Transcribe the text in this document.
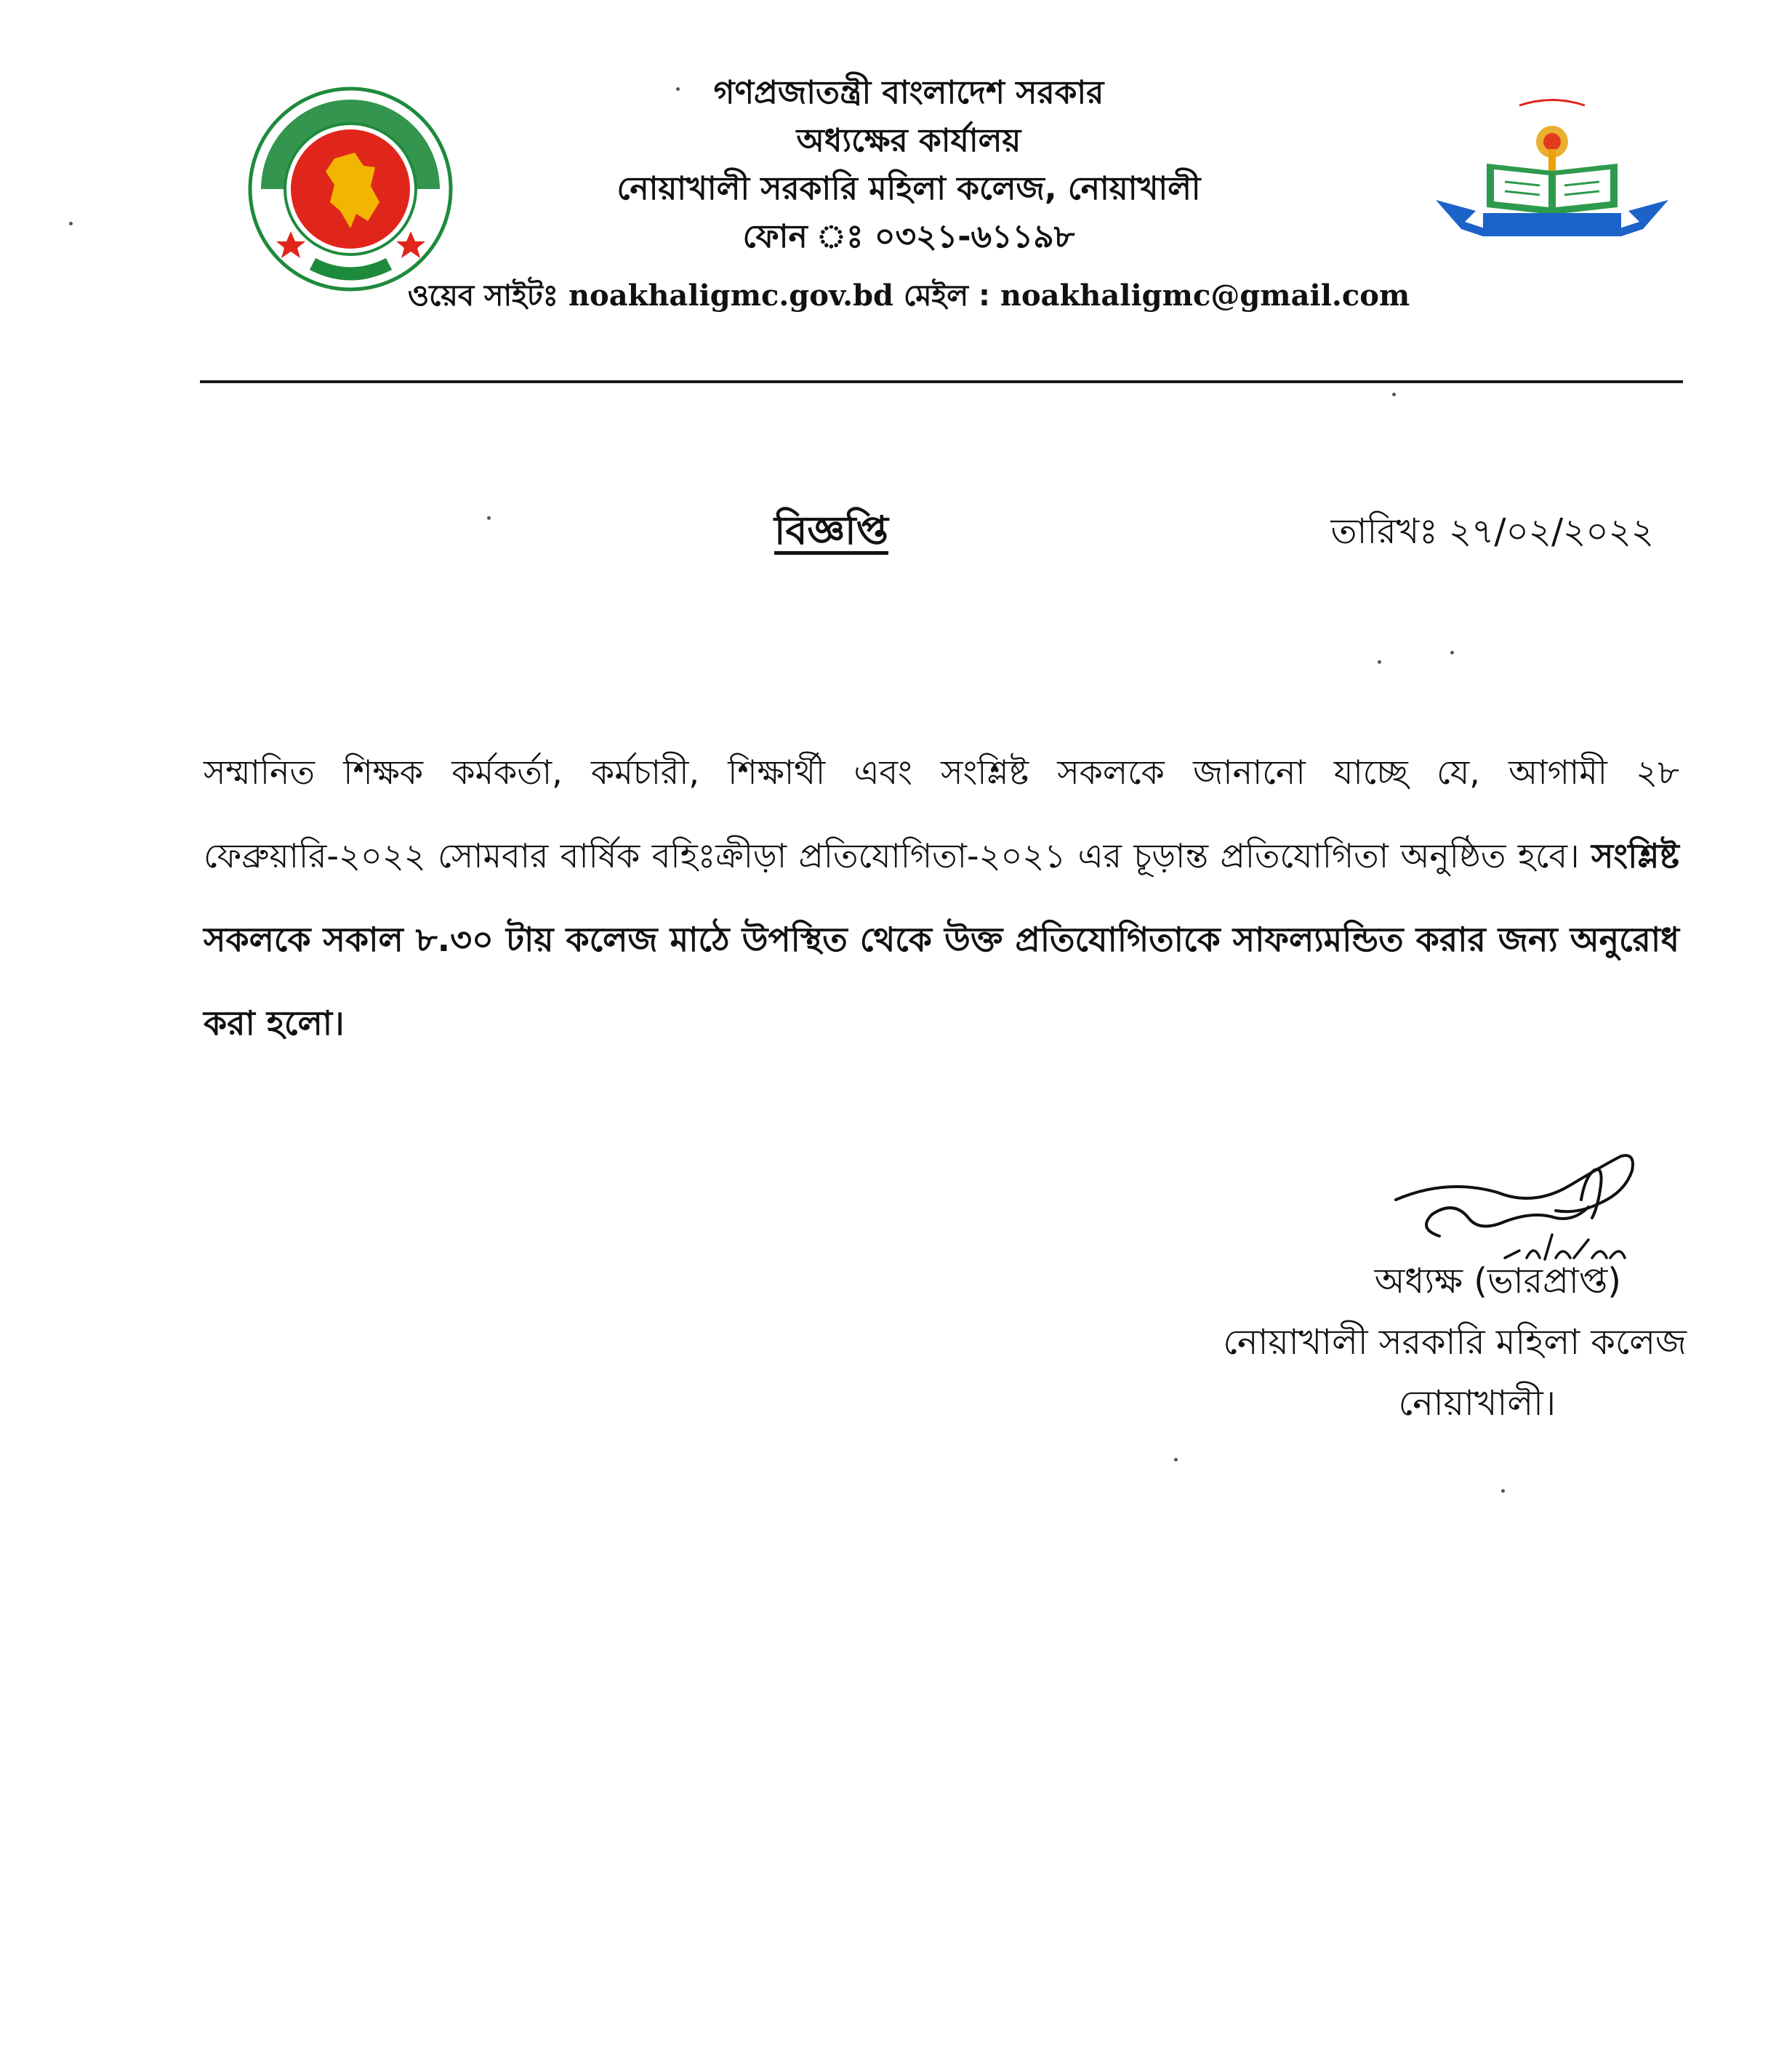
গণপ্রজাতন্ত্রী বাংলাদেশ সরকার
অধ্যক্ষের কার্যালয়
নোয়াখালী সরকারি মহিলা কলেজ, নোয়াখালী
ফোন ঃ ০৩২১-৬১১৯৮
ওয়েব সাইটঃ noakhaligmc.gov.bd মেইল : noakhaligmc@gmail.com
বিজ্ঞপ্তি	তারিখঃ ২৭/০২/২০২২
সম্মানিত শিক্ষক কর্মকর্তা, কর্মচারী, শিক্ষার্থী এবং সংশ্লিষ্ট সকলকে জানানো যাচ্ছে যে, আগামী ২৮ ফেব্রুয়ারি-২০২২ সোমবার বার্ষিক বহিঃক্রীড়া প্রতিযোগিতা-২০২১ এর চূড়ান্ত প্রতিযোগিতা অনুষ্ঠিত হবে। সংশ্লিষ্ট সকলকে সকাল ৮.৩০ টায় কলেজ মাঠে উপস্থিত থেকে উক্ত প্রতিযোগিতাকে সাফল্যমন্ডিত করার জন্য অনুরোধ করা হলো।
অধ্যক্ষ (ভারপ্রাপ্ত)
নোয়াখালী সরকারি মহিলা কলেজ
নোয়াখালী।
